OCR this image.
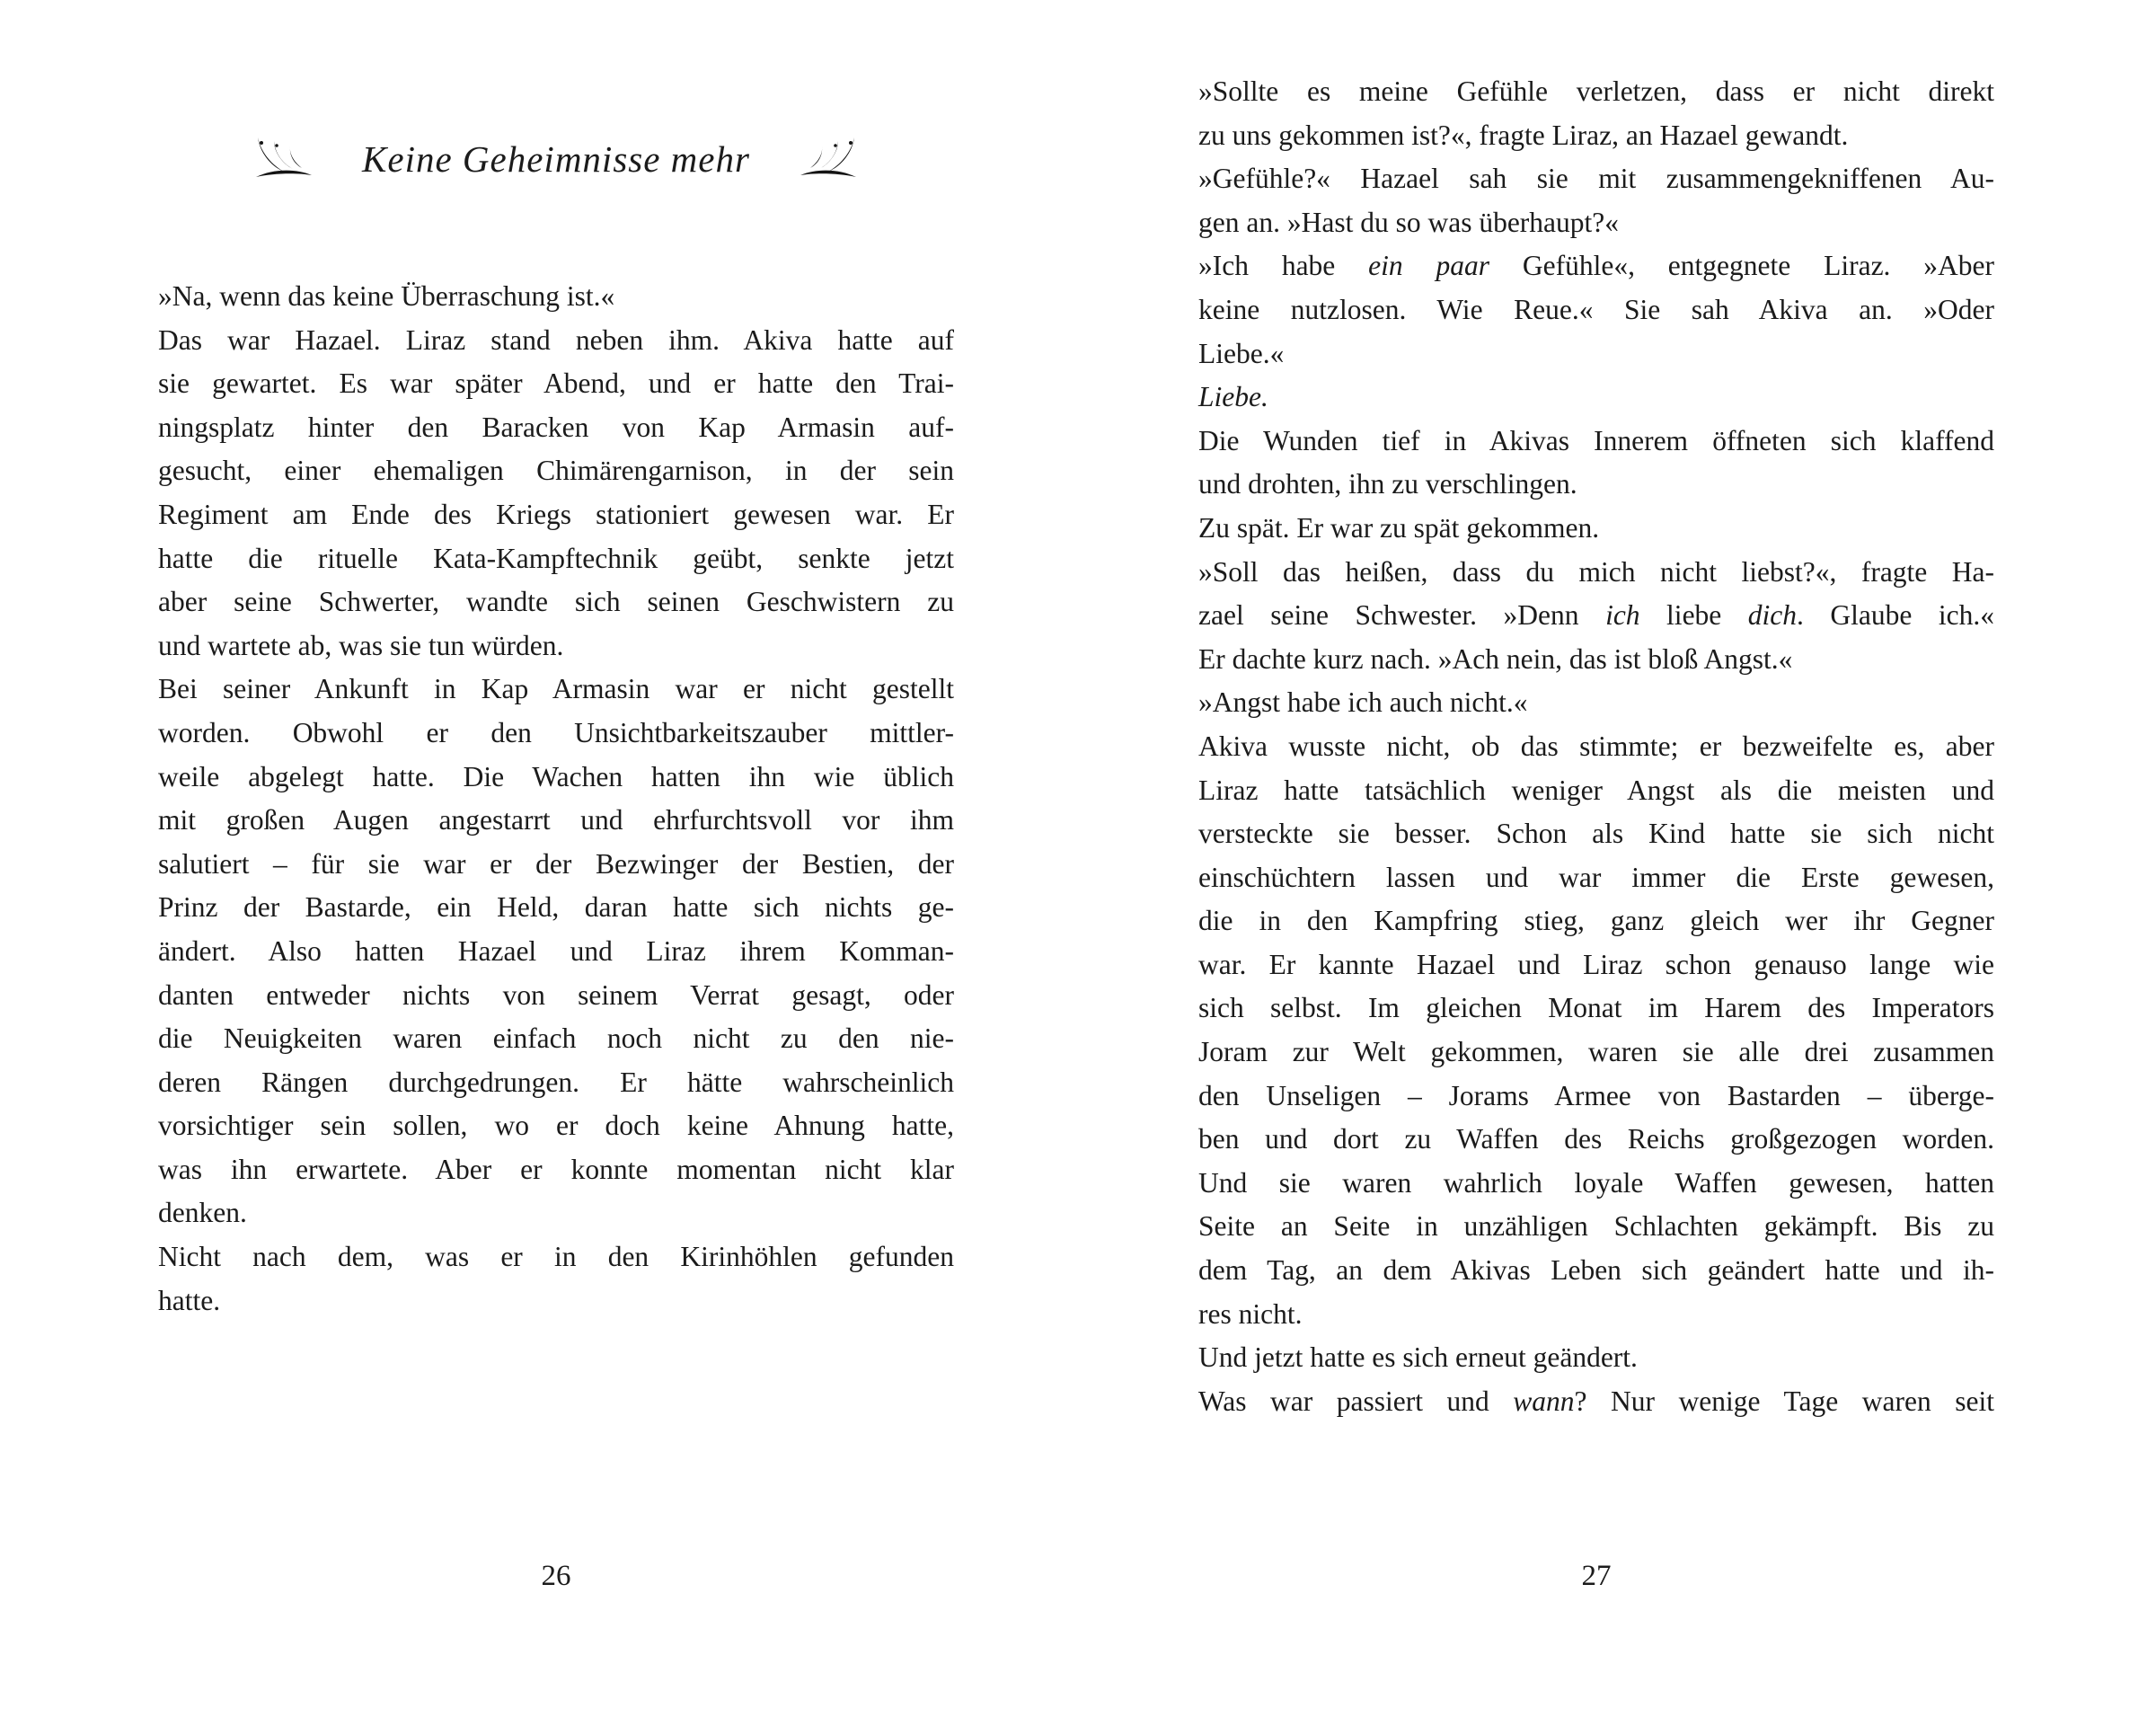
Keine Geheimnisse mehr
»Na, wenn das keine Überraschung ist.«
Das war Hazael. Liraz stand neben ihm. Akiva hatte auf
sie gewartet. Es war später Abend, und er hatte den Trai-
ningsplatz hinter den Baracken von Kap Armasin auf-
gesucht, einer ehemaligen Chimärengarnison, in der sein
Regiment am Ende des Kriegs stationiert gewesen war. Er
hatte die rituelle Kata-Kampftechnik geübt, senkte jetzt
aber seine Schwerter, wandte sich seinen Geschwistern zu
und wartete ab, was sie tun würden.
Bei seiner Ankunft in Kap Armasin war er nicht gestellt
worden. Obwohl er den Unsichtbarkeitszauber mittler-
weile abgelegt hatte. Die Wachen hatten ihn wie üblich
mit großen Augen angestarrt und ehrfurchtsvoll vor ihm
salutiert – für sie war er der Bezwinger der Bestien, der
Prinz der Bastarde, ein Held, daran hatte sich nichts ge-
ändert. Also hatten Hazael und Liraz ihrem Komman-
danten entweder nichts von seinem Verrat gesagt, oder
die Neuigkeiten waren einfach noch nicht zu den nie-
deren Rängen durchgedrungen. Er hätte wahrscheinlich
vorsichtiger sein sollen, wo er doch keine Ahnung hatte,
was ihn erwartete. Aber er konnte momentan nicht klar
denken.
Nicht nach dem, was er in den Kirinhöhlen gefunden
hatte.
26
»Sollte es meine Gefühle verletzen, dass er nicht direkt
zu uns gekommen ist?«, fragte Liraz, an Hazael gewandt.
»Gefühle?« Hazael sah sie mit zusammengekniffenen Au-
gen an. »Hast du so was überhaupt?«
»Ich habe ein paar Gefühle«, entgegnete Liraz. »Aber
keine nutzlosen. Wie Reue.« Sie sah Akiva an. »Oder
Liebe.«
Liebe.
Die Wunden tief in Akivas Innerem öffneten sich klaffend
und drohten, ihn zu verschlingen.
Zu spät. Er war zu spät gekommen.
»Soll das heißen, dass du mich nicht liebst?«, fragte Ha-
zael seine Schwester. »Denn ich liebe dich. Glaube ich.«
Er dachte kurz nach. »Ach nein, das ist bloß Angst.«
»Angst habe ich auch nicht.«
Akiva wusste nicht, ob das stimmte; er bezweifelte es, aber
Liraz hatte tatsächlich weniger Angst als die meisten und
versteckte sie besser. Schon als Kind hatte sie sich nicht
einschüchtern lassen und war immer die Erste gewesen,
die in den Kampfring stieg, ganz gleich wer ihr Gegner
war. Er kannte Hazael und Liraz schon genauso lange wie
sich selbst. Im gleichen Monat im Harem des Imperators
Joram zur Welt gekommen, waren sie alle drei zusammen
den Unseligen – Jorams Armee von Bastarden – überge-
ben und dort zu Waffen des Reichs großgezogen worden.
Und sie waren wahrlich loyale Waffen gewesen, hatten
Seite an Seite in unzähligen Schlachten gekämpft. Bis zu
dem Tag, an dem Akivas Leben sich geändert hatte und ih-
res nicht.
Und jetzt hatte es sich erneut geändert.
Was war passiert und wann? Nur wenige Tage waren seit
27
